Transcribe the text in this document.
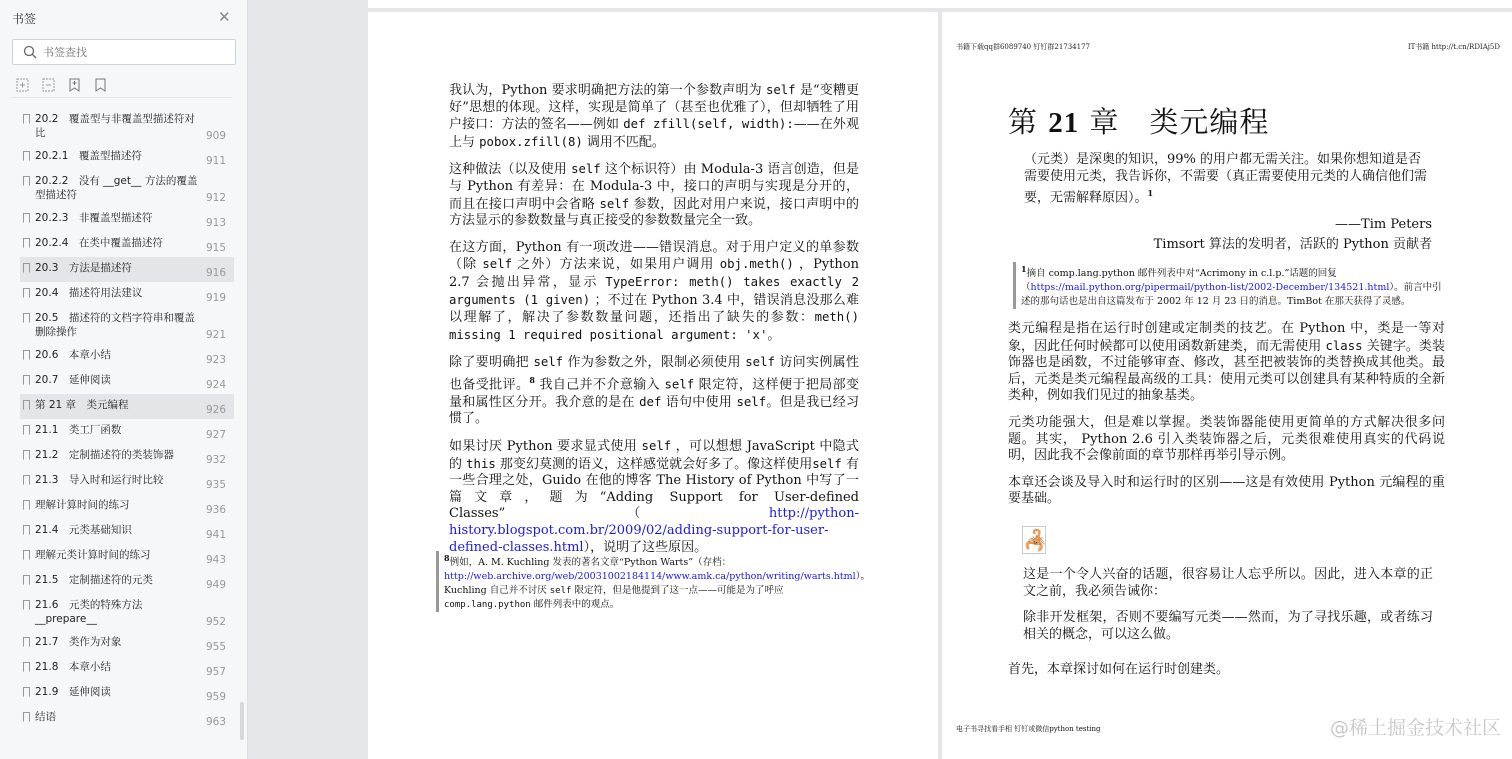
书签	✕
书签查找
20.2　覆盖型与非覆盖型描述符对比	909
20.2.1　覆盖型描述符	911
20.2.2　没有 __get__ 方法的覆盖型描述符	912
20.2.3　非覆盖型描述符	913
20.2.4　在类中覆盖描述符	915
20.3　方法是描述符	916
20.4　描述符用法建议	919
20.5　描述符的文档字符串和覆盖删除操作	921
20.6　本章小结	923
20.7　延伸阅读	924
第 21 章　类元编程	926
21.1　类工厂函数	927
21.2　定制描述符的类装饰器	932
21.3　导入时和运行时比较	935
理解计算时间的练习	936
21.4　元类基础知识	941
理解元类计算时间的练习	943
21.5　定制描述符的元类	949
21.6　元类的特殊方法 __prepare__	952
21.7　类作为对象	955
21.8　本章小结	957
21.9　延伸阅读	959
结语	963

我认为，Python 要求明确把方法的第一个参数声明为 self 是“变糟更好”思想的体现。这样，实现是简单了（甚至也优雅了），但却牺牲了用户接口：方法的签名——例如 def zfill(self, width):——在外观上与 pobox.zfill(8) 调用不匹配。

这种做法（以及使用 self 这个标识符）由 Modula-3 语言创造，但是与 Python 有差异：在 Modula-3 中，接口的声明与实现是分开的，而且在接口声明中会省略 self 参数，因此对用户来说，接口声明中的方法显示的参数数量与真正接受的参数数量完全一致。

在这方面，Python 有一项改进——错误消息。对于用户定义的单参数（除 self 之外）方法来说，如果用户调用 obj.meth() ，Python 2.7 会抛出异常，显示 TypeError: meth() takes exactly 2 arguments (1 given) ；不过在 Python 3.4 中，错误消息没那么难以理解了，解决了参数数量问题，还指出了缺失的参数：meth() missing 1 required positional argument: 'x'。

除了要明确把 self 作为参数之外，限制必须使用 self 访问实例属性也备受批评。$^8$ 我自己并不介意输入 self 限定符，这样便于把局部变量和属性区分开。我介意的是在 def 语句中使用 self。但是我已经习惯了。

如果讨厌 Python 要求显式使用 self ，可以想想 JavaScript 中隐式的 this 那变幻莫测的语义，这样感觉就会好多了。像这样使用self 有一些合理之处，Guido 在他的博客 The History of Python 中写了一篇文章，题为“Adding Support for User-defined Classes”（http://python-history.blogspot.com.br/2009/02/adding-support-for-user-defined-classes.html），说明了这些原因。

$^8$例如，A. M. Kuchling 发表的著名文章“Python Warts”（存档：http://web.archive.org/web/20031002184114/www.amk.ca/python/writing/warts.html）。Kuchling 自己并不讨厌 self 限定符，但是他提到了这一点——可能是为了呼应 comp.lang.python 邮件列表中的观点。
书籍下载qq群6089740 钉钉群21734177	IT书籍 http://t.cn/RDIAj5D
第 21 章　类元编程
（元类）是深奥的知识，99% 的用户都无需关注。如果你想知道是否需要使用元类，我告诉你，不需要（真正需要使用元类的人确信他们需要，无需解释原因）。$^1$
——Tim Peters
Timsort 算法的发明者，活跃的 Python 贡献者
$^1$摘自 comp.lang.python 邮件列表中对“Acrimony in c.l.p.”话题的回复（https://mail.python.org/pipermail/python-list/2002-December/134521.html）。前言中引述的那句话也是出自这篇发布于 2002 年 12 月 23 日的消息。TimBot 在那天获得了灵感。

类元编程是指在运行时创建或定制类的技艺。在 Python 中，类是一等对象，因此任何时候都可以使用函数新建类，而无需使用 class 关键字。类装饰器也是函数，不过能够审查、修改，甚至把被装饰的类替换成其他类。最后，元类是类元编程最高级的工具：使用元类可以创建具有某种特质的全新类种，例如我们见过的抽象基类。

元类功能强大，但是难以掌握。类装饰器能使用更简单的方式解决很多问题。其实， Python 2.6 引入类装饰器之后，元类很难使用真实的代码说明，因此我不会像前面的章节那样再举引导示例。

本章还会谈及导入时和运行时的区别——这是有效使用 Python 元编程的重要基础。

🦂

这是一个令人兴奋的话题，很容易让人忘乎所以。因此，进入本章的正文之前，我必须告诫你：

除非开发框架，否则不要编写元类——然而，为了寻找乐趣，或者练习相关的概念，可以这么做。

首先，本章探讨如何在运行时创建类。

电子书寻找看手相 钉钉或微信python testing	@稀土掘金技术社区
